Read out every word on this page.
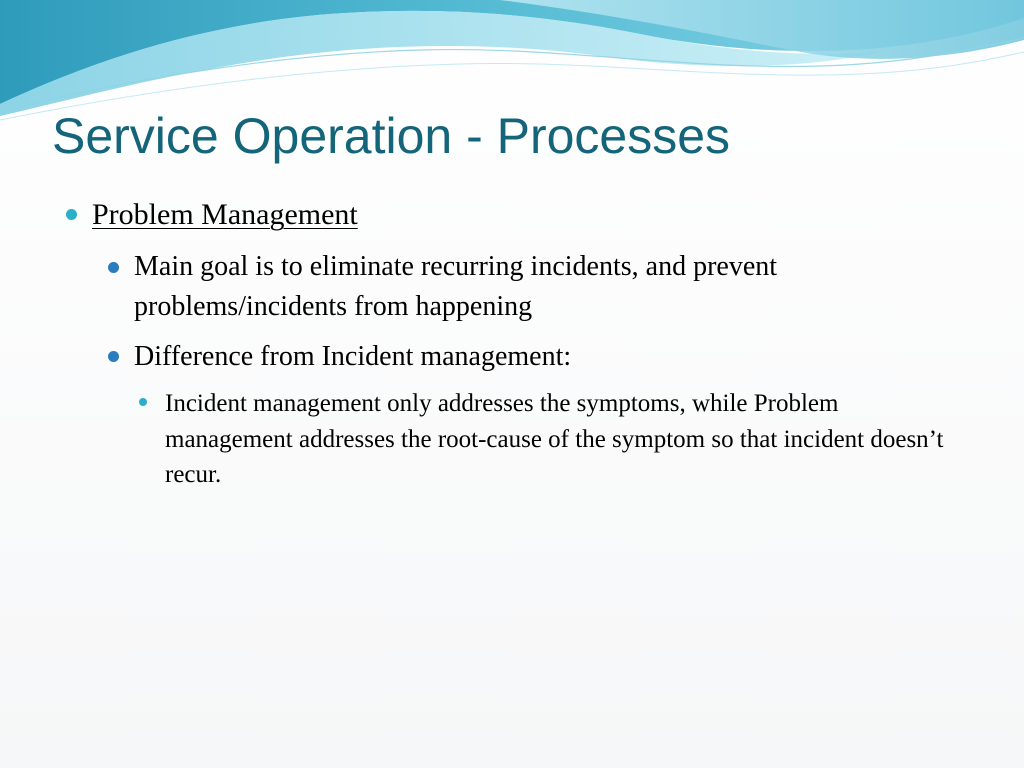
Service Operation - Processes
Problem Management
Main goal is to eliminate recurring incidents, and prevent problems/incidents from happening
Difference from Incident management:
Incident management only addresses the symptoms, while Problem management addresses the root-cause of the symptom so that incident doesn’t recur.
